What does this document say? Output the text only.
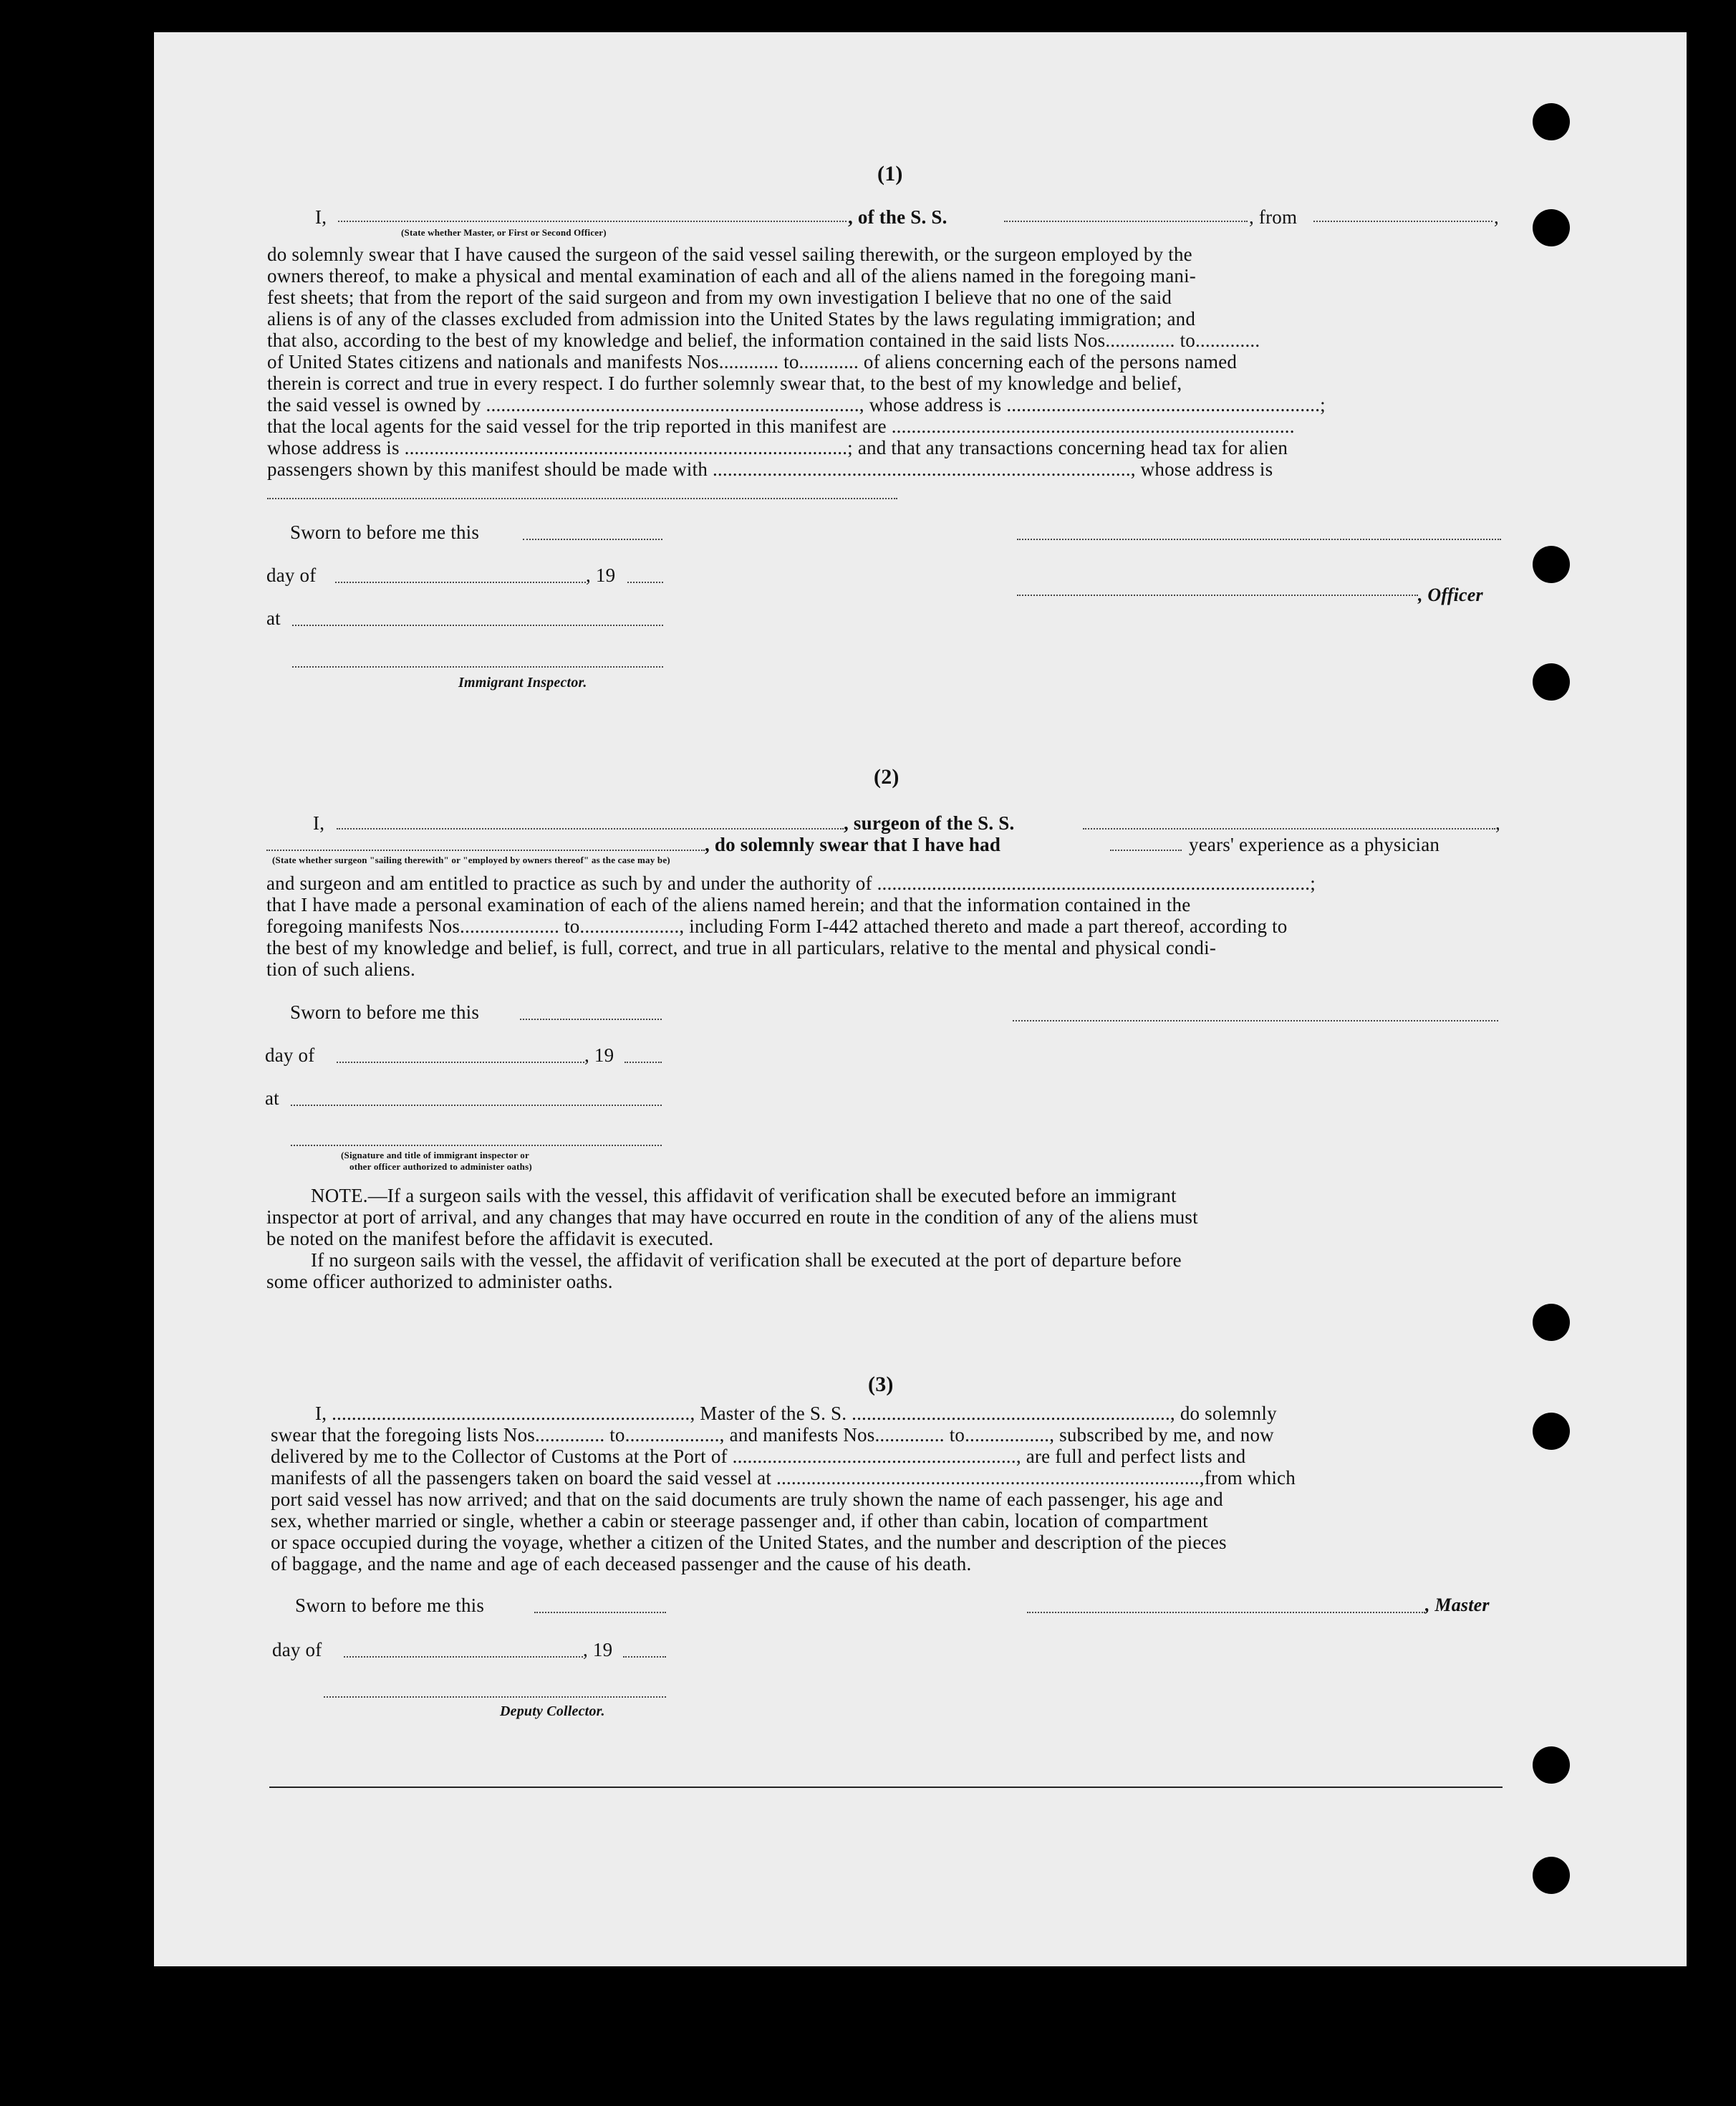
(1)
I,	, of the S. S.	, from	,
(State whether Master, or First or Second Officer)
do solemnly swear that I have caused the surgeon of the said vessel sailing therewith, or the surgeon employed by the
owners thereof, to make a physical and mental examination of each and all of the aliens named in the foregoing mani-
fest sheets; that from the report of the said surgeon and from my own investigation I believe that no one of the said
aliens is of any of the classes excluded from admission into the United States by the laws regulating immigration; and
that also, according to the best of my knowledge and belief, the information contained in the said lists Nos.............. to.............
of United States citizens and nationals and manifests Nos............ to............ of aliens concerning each of the persons named
therein is correct and true in every respect. I do further solemnly swear that, to the best of my knowledge and belief,
the said vessel is owned by ..........................................................................., whose address is ...............................................................;
that the local agents for the said vessel for the trip reported in this manifest are .................................................................................
whose address is .........................................................................................; and that any transactions concerning head tax for alien
passengers shown by this manifest should be made with ...................................................................................., whose address is
Sworn to before me this
day of	, 19
at
Immigrant Inspector.
, Officer
(2)
I,	, surgeon of the S. S.	,
, do solemnly swear that I have had	years' experience as a physician
(State whether surgeon "sailing therewith" or "employed by owners thereof" as the case may be)
and surgeon and am entitled to practice as such by and under the authority of .......................................................................................;
that I have made a personal examination of each of the aliens named herein; and that the information contained in the
foregoing manifests Nos.................... to...................., including Form I-442 attached thereto and made a part thereof, according to
the best of my knowledge and belief, is full, correct, and true in all particulars, relative to the mental and physical condi-
tion of such aliens.
Sworn to before me this
day of	, 19
at
(Signature and title of immigrant inspector or
other officer authorized to administer oaths)
NOTE.—If a surgeon sails with the vessel, this affidavit of verification shall be executed before an immigrant
inspector at port of arrival, and any changes that may have occurred en route in the condition of any of the aliens must
be noted on the manifest before the affidavit is executed.
If no surgeon sails with the vessel, the affidavit of verification shall be executed at the port of departure before
some officer authorized to administer oaths.
(3)
I, ........................................................................, Master of the S. S. ................................................................, do solemnly
swear that the foregoing lists Nos.............. to..................., and manifests Nos.............. to................., subscribed by me, and now
delivered by me to the Collector of Customs at the Port of ........................................................., are full and perfect lists and
manifests of all the passengers taken on board the said vessel at .....................................................................................,from which
port said vessel has now arrived; and that on the said documents are truly shown the name of each passenger, his age and
sex, whether married or single, whether a cabin or steerage passenger and, if other than cabin, location of compartment
or space occupied during the voyage, whether a citizen of the United States, and the number and description of the pieces
of baggage, and the name and age of each deceased passenger and the cause of his death.
Sworn to before me this
day of	, 19
Deputy Collector.
, Master
